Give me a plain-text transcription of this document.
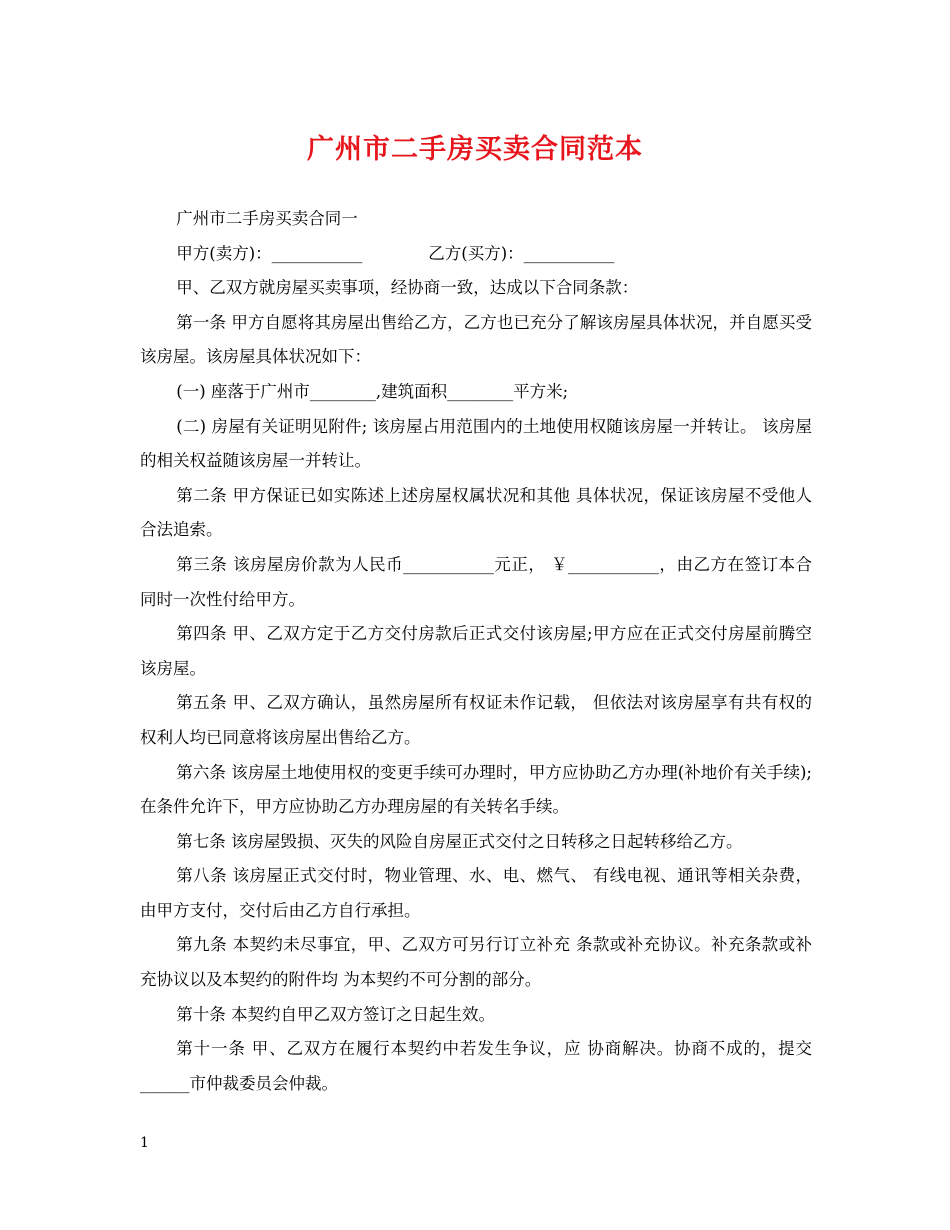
广州市二手房买卖合同范本

广州市二手房买卖合同一

甲方(卖方)：___________	乙方(买方)：___________

甲、乙双方就房屋买卖事项，经协商一致，达成以下合同条款：

第一条 甲方自愿将其房屋出售给乙方，乙方也已充分了解该房屋具体状况，并自愿买受该房屋。该房屋具体状况如下：

(一) 座落于广州市________,建筑面积________平方米;

(二) 房屋有关证明见附件; 该房屋占用范围内的土地使用权随该房屋一并转让。 该房屋的相关权益随该房屋一并转让。

第二条 甲方保证已如实陈述上述房屋权属状况和其他 具体状况，保证该房屋不受他人合法追索。

第三条 该房屋房价款为人民币___________元正， ￥___________，由乙方在签订本合同时一次性付给甲方。

第四条 甲、乙双方定于乙方交付房款后正式交付该房屋;甲方应在正式交付房屋前腾空该房屋。

第五条 甲、乙双方确认，虽然房屋所有权证未作记载， 但依法对该房屋享有共有权的权利人均已同意将该房屋出售给乙方。

第六条 该房屋土地使用权的变更手续可办理时，甲方应协助乙方办理(补地价有关手续);在条件允许下，甲方应协助乙方办理房屋的有关转名手续。

第七条 该房屋毁损、灭失的风险自房屋正式交付之日转移之日起转移给乙方。

第八条 该房屋正式交付时，物业管理、水、电、燃气、 有线电视、通讯等相关杂费，由甲方支付，交付后由乙方自行承担。

第九条 本契约未尽事宜，甲、乙双方可另行订立补充 条款或补充协议。补充条款或补充协议以及本契约的附件均 为本契约不可分割的部分。

第十条 本契约自甲乙双方签订之日起生效。

第十一条 甲、乙双方在履行本契约中若发生争议，应 协商解决。协商不成的，提交______市仲裁委员会仲裁。

1
